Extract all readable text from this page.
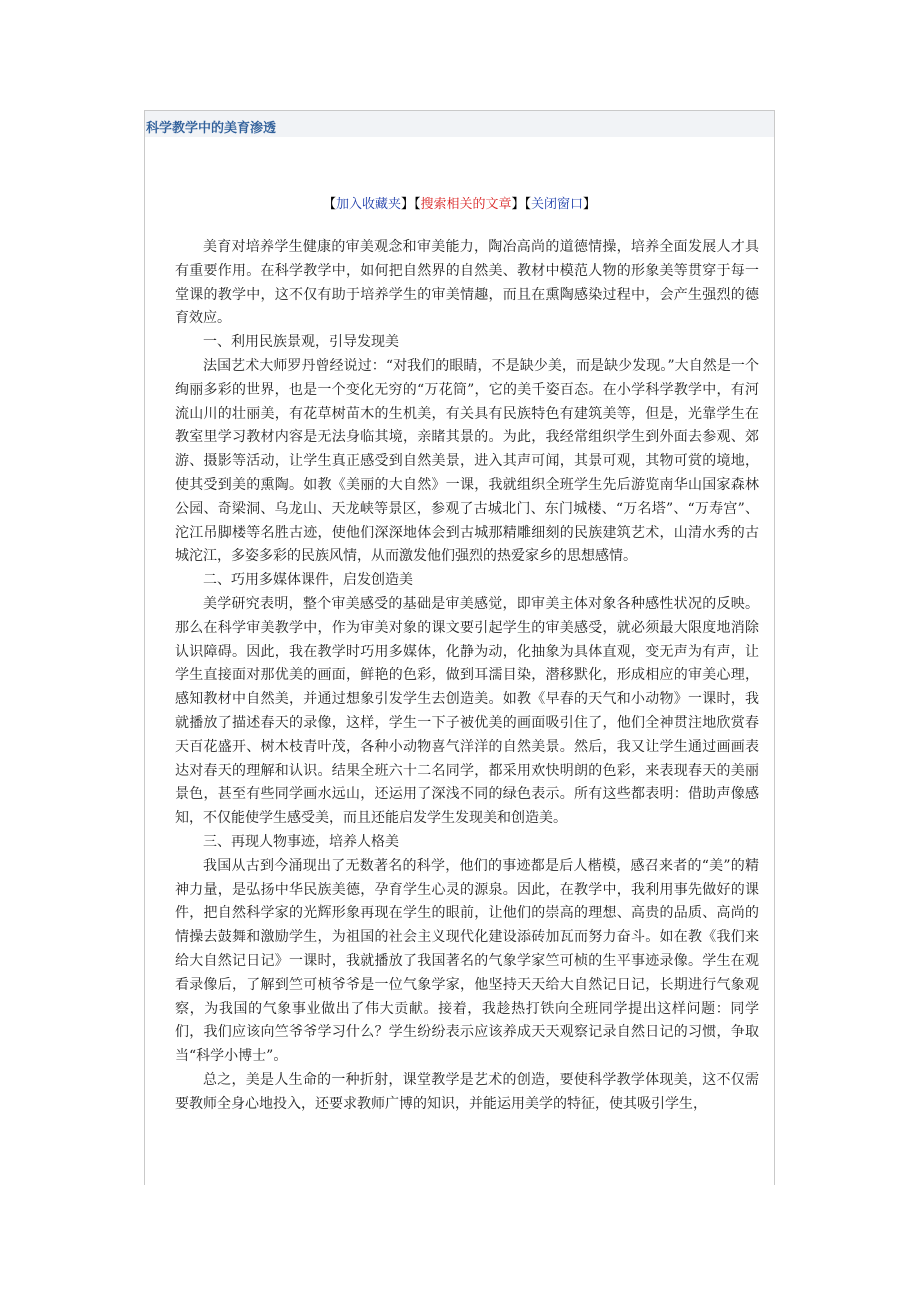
科学教学中的美育渗透
【加入收藏夹】【搜索相关的文章】【关闭窗口】

美育对培养学生健康的审美观念和审美能力，陶冶高尚的道德情操，培养全面发展人才具有重要作用。在科学教学中，如何把自然界的自然美、教材中模范人物的形象美等贯穿于每一堂课的教学中，这不仅有助于培养学生的审美情趣，而且在熏陶感染过程中，会产生强烈的德育效应。

一、利用民族景观，引导发现美

法国艺术大师罗丹曾经说过：“对我们的眼睛，不是缺少美，而是缺少发现。”大自然是一个绚丽多彩的世界，也是一个变化无穷的“万花筒”，它的美千姿百态。在小学科学教学中，有河流山川的壮丽美，有花草树苗木的生机美，有关具有民族特色有建筑美等，但是，光靠学生在教室里学习教材内容是无法身临其境，亲睹其景的。为此，我经常组织学生到外面去参观、郊游、摄影等活动，让学生真正感受到自然美景，进入其声可闻，其景可观，其物可赏的境地，使其受到美的熏陶。如教《美丽的大自然》一课，我就组织全班学生先后游览南华山国家森林公园、奇梁洞、乌龙山、天龙峡等景区，参观了古城北门、东门城楼、“万名塔”、“万寿宫”、沱江吊脚楼等名胜古迹，使他们深深地体会到古城那精雕细刻的民族建筑艺术，山清水秀的古城沱江，多姿多彩的民族风情，从而激发他们强烈的热爱家乡的思想感情。

二、巧用多媒体课件，启发创造美

美学研究表明，整个审美感受的基础是审美感觉，即审美主体对象各种感性状况的反映。那么在科学审美教学中，作为审美对象的课文要引起学生的审美感受，就必须最大限度地消除认识障碍。因此，我在教学时巧用多媒体，化静为动，化抽象为具体直观，变无声为有声，让学生直接面对那优美的画面，鲜艳的色彩，做到耳濡目染，潜移默化，形成相应的审美心理，感知教材中自然美，并通过想象引发学生去创造美。如教《早春的天气和小动物》一课时，我就播放了描述春天的录像，这样，学生一下子被优美的画面吸引住了，他们全神贯注地欣赏春天百花盛开、树木枝青叶茂，各种小动物喜气洋洋的自然美景。然后，我又让学生通过画画表达对春天的理解和认识。结果全班六十二名同学，都采用欢快明朗的色彩，来表现春天的美丽景色，甚至有些同学画水远山，还运用了深浅不同的绿色表示。所有这些都表明：借助声像感知，不仅能使学生感受美，而且还能启发学生发现美和创造美。

三、再现人物事迹，培养人格美

我国从古到今涌现出了无数著名的科学，他们的事迹都是后人楷模，感召来者的“美”的精神力量，是弘扬中华民族美德，孕育学生心灵的源泉。因此，在教学中，我利用事先做好的课件，把自然科学家的光辉形象再现在学生的眼前，让他们的崇高的理想、高贵的品质、高尚的情操去鼓舞和激励学生，为祖国的社会主义现代化建设添砖加瓦而努力奋斗。如在教《我们来给大自然记日记》一课时，我就播放了我国著名的气象学家竺可桢的生平事迹录像。学生在观看录像后，了解到竺可桢爷爷是一位气象学家，他坚持天天给大自然记日记，长期进行气象观察，为我国的气象事业做出了伟大贡献。接着，我趁热打铁向全班同学提出这样问题：同学们，我们应该向竺爷爷学习什么？学生纷纷表示应该养成天天观察记录自然日记的习惯，争取当“科学小博士”。

总之，美是人生命的一种折射，课堂教学是艺术的创造，要使科学教学体现美，这不仅需要教师全身心地投入，还要求教师广博的知识，并能运用美学的特征，使其吸引学生，
